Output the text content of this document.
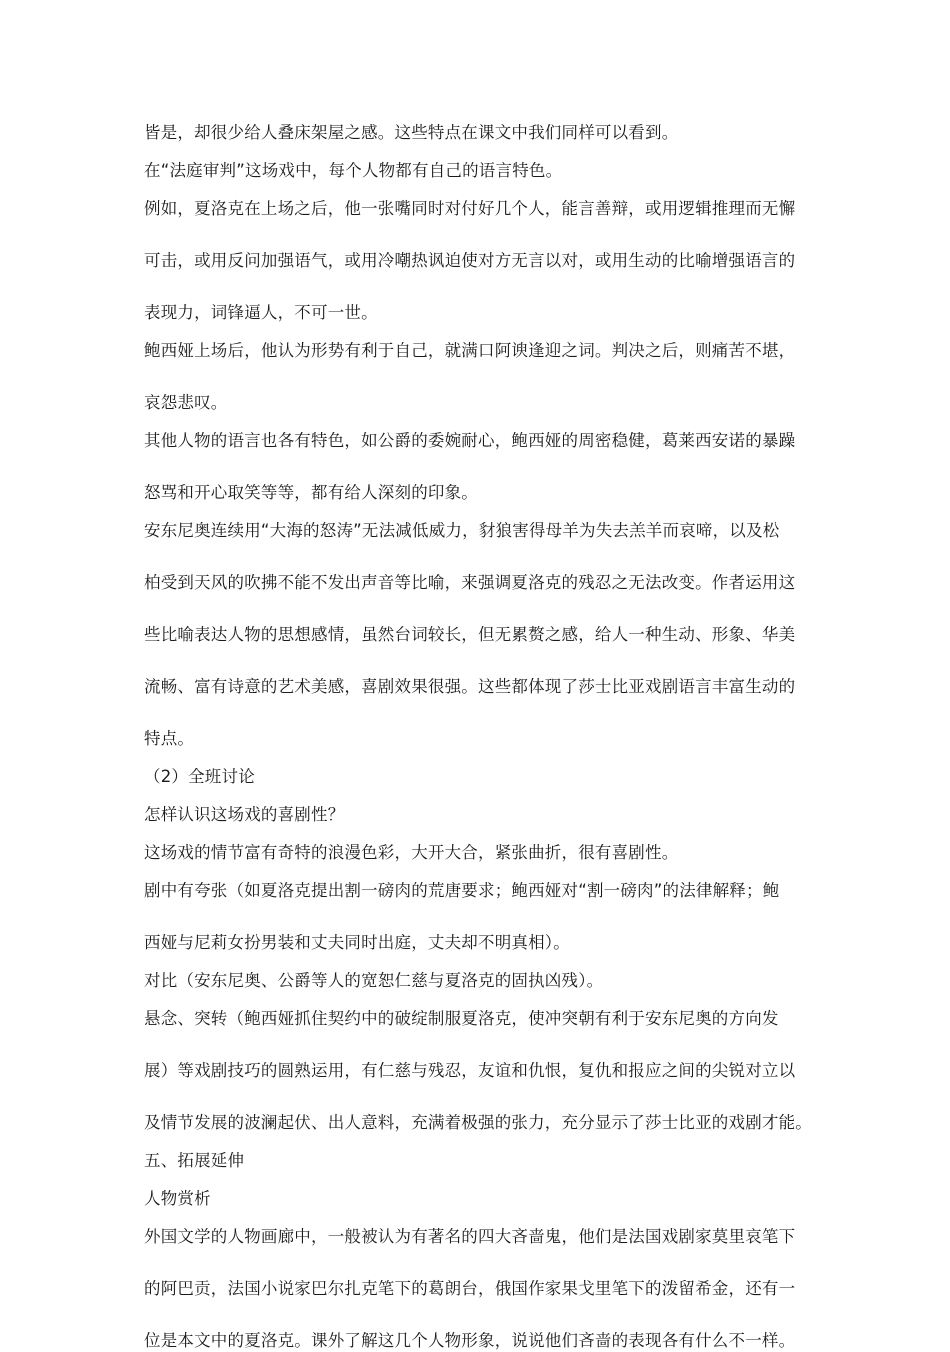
皆是，却很少给人叠床架屋之感。这些特点在课文中我们同样可以看到。
在“法庭审判”这场戏中，每个人物都有自己的语言特色。
例如，夏洛克在上场之后，他一张嘴同时对付好几个人，能言善辩，或用逻辑推理而无懈
可击，或用反问加强语气，或用冷嘲热讽迫使对方无言以对，或用生动的比喻增强语言的
表现力，词锋逼人，不可一世。
鲍西娅上场后，他认为形势有利于自己，就满口阿谀逢迎之词。判决之后，则痛苦不堪，
哀怨悲叹。
其他人物的语言也各有特色，如公爵的委婉耐心，鲍西娅的周密稳健，葛莱西安诺的暴躁
怒骂和开心取笑等等，都有给人深刻的印象。
安东尼奥连续用“大海的怒涛”无法减低威力，豺狼害得母羊为失去羔羊而哀啼，以及松
柏受到天风的吹拂不能不发出声音等比喻，来强调夏洛克的残忍之无法改变。作者运用这
些比喻表达人物的思想感情，虽然台词较长，但无累赘之感，给人一种生动、形象、华美
流畅、富有诗意的艺术美感，喜剧效果很强。这些都体现了莎士比亚戏剧语言丰富生动的
特点。
（2）全班讨论
怎样认识这场戏的喜剧性？
这场戏的情节富有奇特的浪漫色彩，大开大合，紧张曲折，很有喜剧性。
剧中有夸张（如夏洛克提出割一磅肉的荒唐要求；鲍西娅对“割一磅肉”的法律解释；鲍
西娅与尼莉女扮男装和丈夫同时出庭，丈夫却不明真相）。
对比（安东尼奥、公爵等人的宽恕仁慈与夏洛克的固执凶残）。
悬念、突转（鲍西娅抓住契约中的破绽制服夏洛克，使冲突朝有利于安东尼奥的方向发
展）等戏剧技巧的圆熟运用，有仁慈与残忍，友谊和仇恨，复仇和报应之间的尖锐对立以
及情节发展的波澜起伏、出人意料，充满着极强的张力，充分显示了莎士比亚的戏剧才能。
五、拓展延伸
人物赏析
外国文学的人物画廊中，一般被认为有著名的四大吝啬鬼，他们是法国戏剧家莫里哀笔下
的阿巴贡，法国小说家巴尔扎克笔下的葛朗台，俄国作家果戈里笔下的泼留希金，还有一
位是本文中的夏洛克。课外了解这几个人物形象，说说他们吝啬的表现各有什么不一样。
